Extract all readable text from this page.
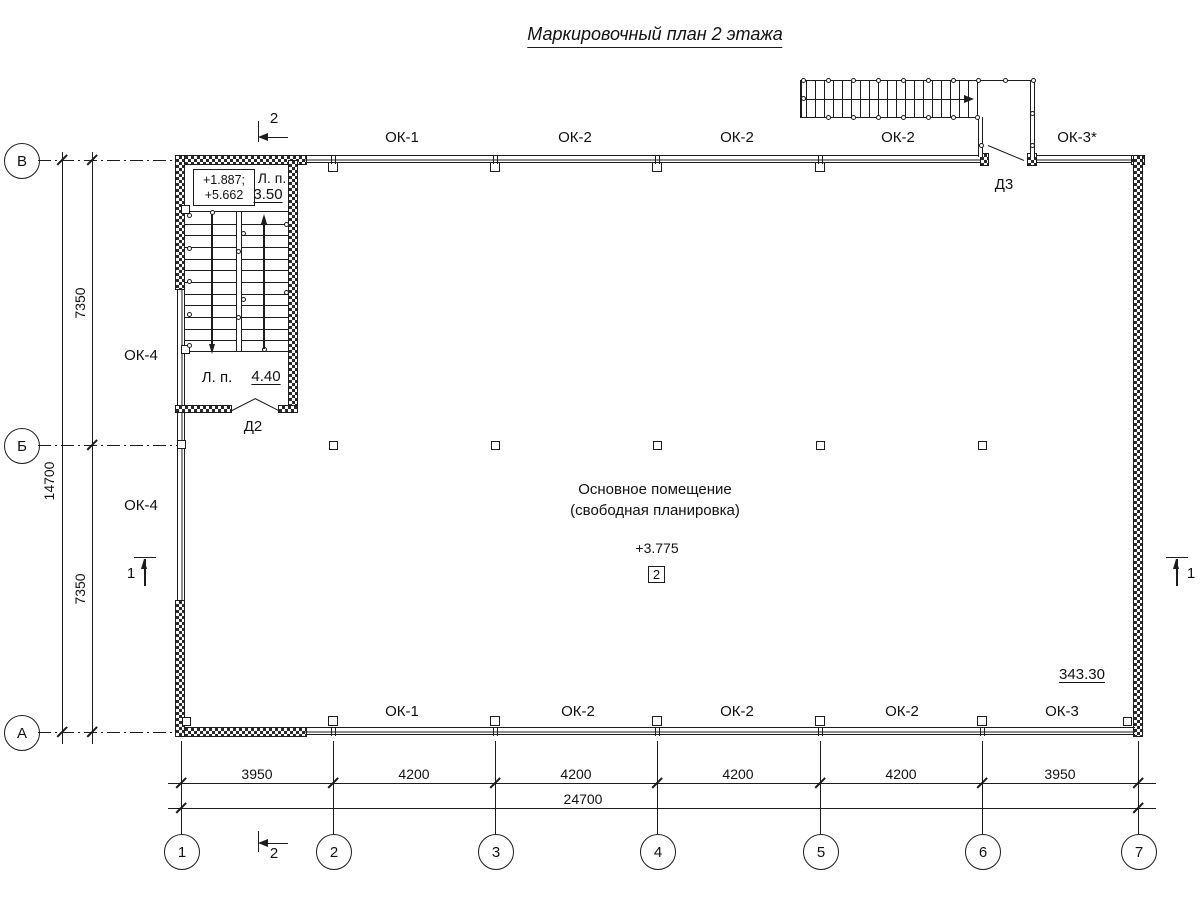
Маркировочный план 2 этажа
В
Б
А
7350
7350
14700
3950	4200	4200	4200	4200	3950
24700
1	2	3	4	5	6	7
2
2
1	1
+1.887;
+5.662
Л. п.
3.50
Л. п. 4.40
Д2
ОК-1	ОК-2	ОК-2	ОК-2	ОК-3*
Д3
ОК-1	ОК-2	ОК-2	ОК-2	ОК-3
343.30
ОК-4
ОК-4
Основное помещение
(свободная планировка)
+3.775
2
